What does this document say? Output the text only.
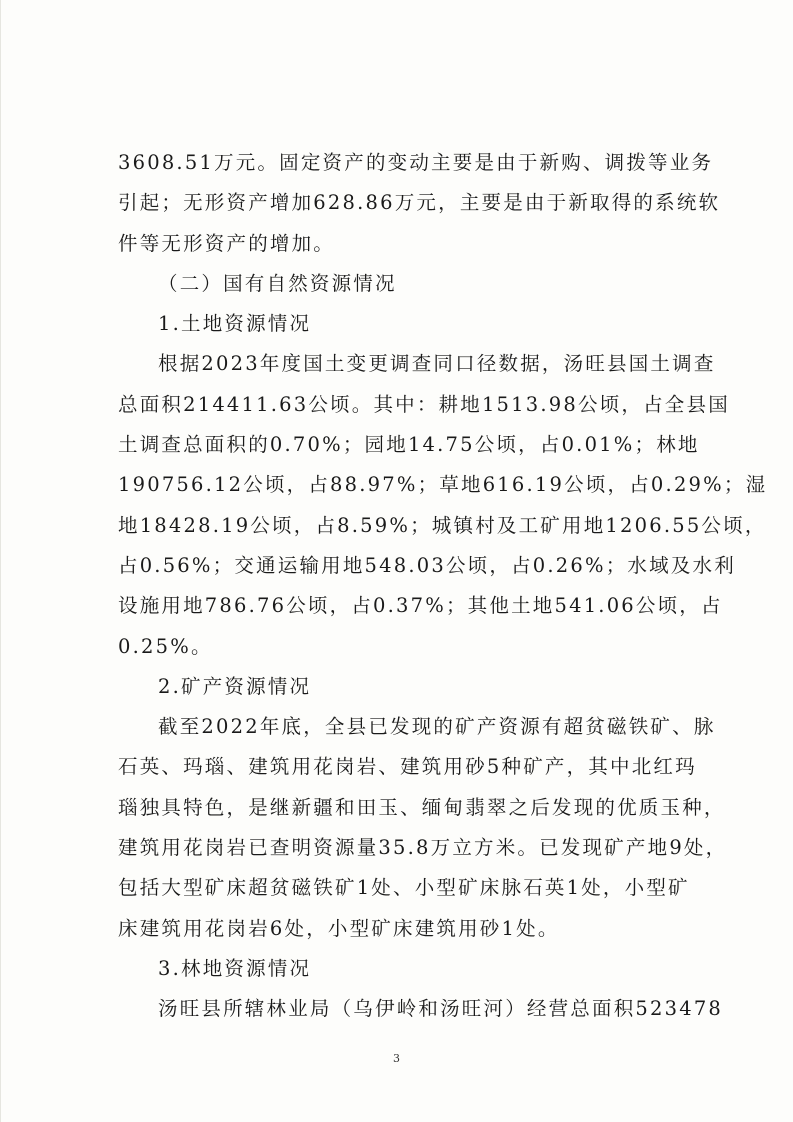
3608.51万元。固定资产的变动主要是由于新购、调拨等业务
引起；无形资产增加628.86万元，主要是由于新取得的系统软
件等无形资产的增加。
（二）国有自然资源情况
1.土地资源情况
根据2023年度国土变更调查同口径数据，汤旺县国土调查
总面积214411.63公顷。其中：耕地1513.98公顷，占全县国
土调查总面积的0.70%；园地14.75公顷，占0.01%；林地
190756.12公顷，占88.97%；草地616.19公顷，占0.29%；湿
地18428.19公顷，占8.59%；城镇村及工矿用地1206.55公顷，
占0.56%；交通运输用地548.03公顷，占0.26%；水域及水利
设施用地786.76公顷，占0.37%；其他土地541.06公顷，占
0.25%。
2.矿产资源情况
截至2022年底，全县已发现的矿产资源有超贫磁铁矿、脉
石英、玛瑙、建筑用花岗岩、建筑用砂5种矿产，其中北红玛
瑙独具特色，是继新疆和田玉、缅甸翡翠之后发现的优质玉种，
建筑用花岗岩已查明资源量35.8万立方米。已发现矿产地9处，
包括大型矿床超贫磁铁矿1处、小型矿床脉石英1处，小型矿
床建筑用花岗岩6处，小型矿床建筑用砂1处。
3.林地资源情况
汤旺县所辖林业局（乌伊岭和汤旺河）经营总面积523478
3
